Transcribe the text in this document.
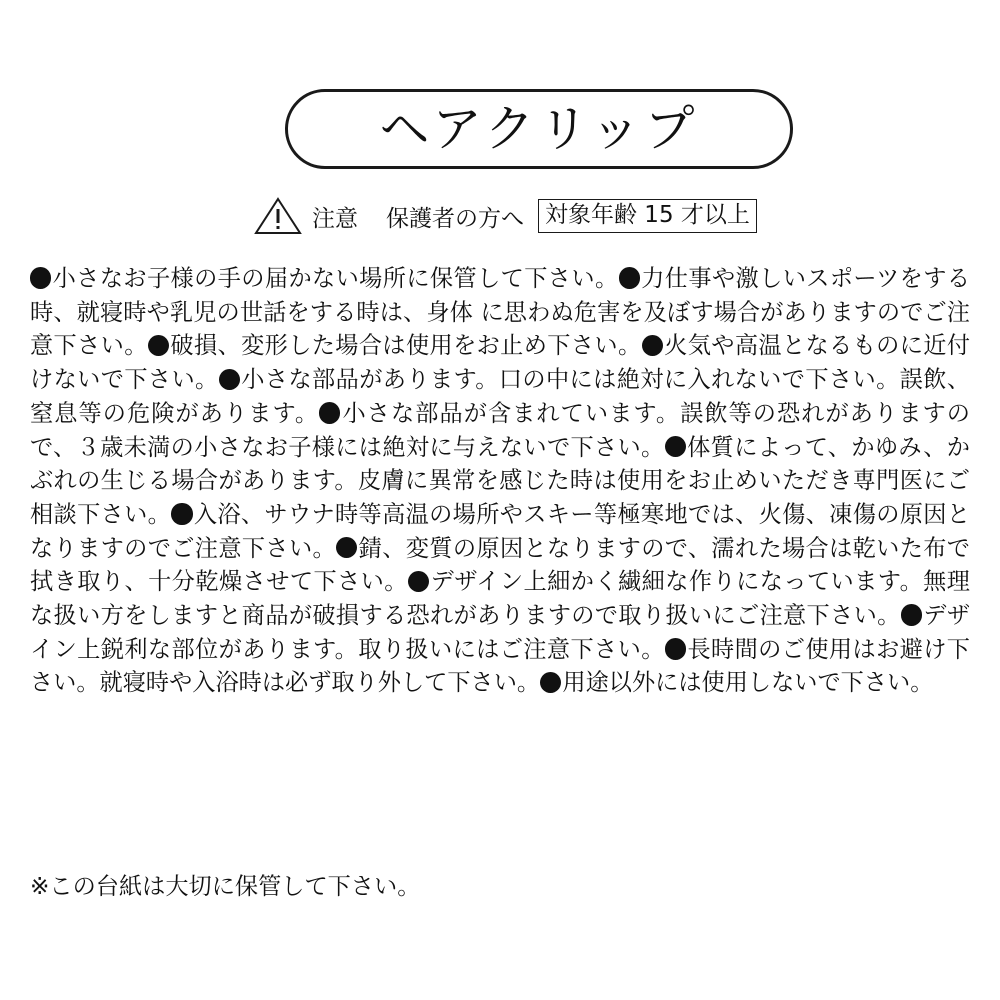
ヘアクリップ
注意 保護者の方へ 対象年齢 15 才以上
小さなお子様の手の届かない場所に保管して下さい。 力仕事や激しいスポーツをする時、就寝時や乳児の世話をする時は、身体 に思わぬ危害を及ぼす場合がありますのでご注意下さい。 破損、変形した場合は使用をお止め下さい。 火気や高温となるものに近付けないで下さい。 小さな部品があります。口の中には絶対に入れないで下さい。誤飲、窒息等の危険があります。 小さな部品が含まれています。誤飲等の恐れがありますので、３歳未満の小さなお子様には絶対に与えないで下さい。 体質によって、かゆみ、かぶれの生じる場合があります。皮膚に異常を感じた時は使用をお止めいただき専門医にご相談下さい。 入浴、サウナ時等高温の場所やスキー等極寒地では、火傷、凍傷の原因となりますのでご注意下さい。 錆、変質の原因となりますので、濡れた場合は乾いた布で拭き取り、十分乾燥させて下さい。 デザイン上細かく繊細な作りになっています。無理な扱い方をしますと商品が破損する恐れがありますので取り扱いにご注意下さい。 デザイン上鋭利な部位があります。取り扱いにはご注意下さい。 長時間のご使用はお避け下さい。就寝時や入浴時は必ず取り外して下さい。 用途以外には使用しないで下さい。
※この台紙は大切に保管して下さい。
